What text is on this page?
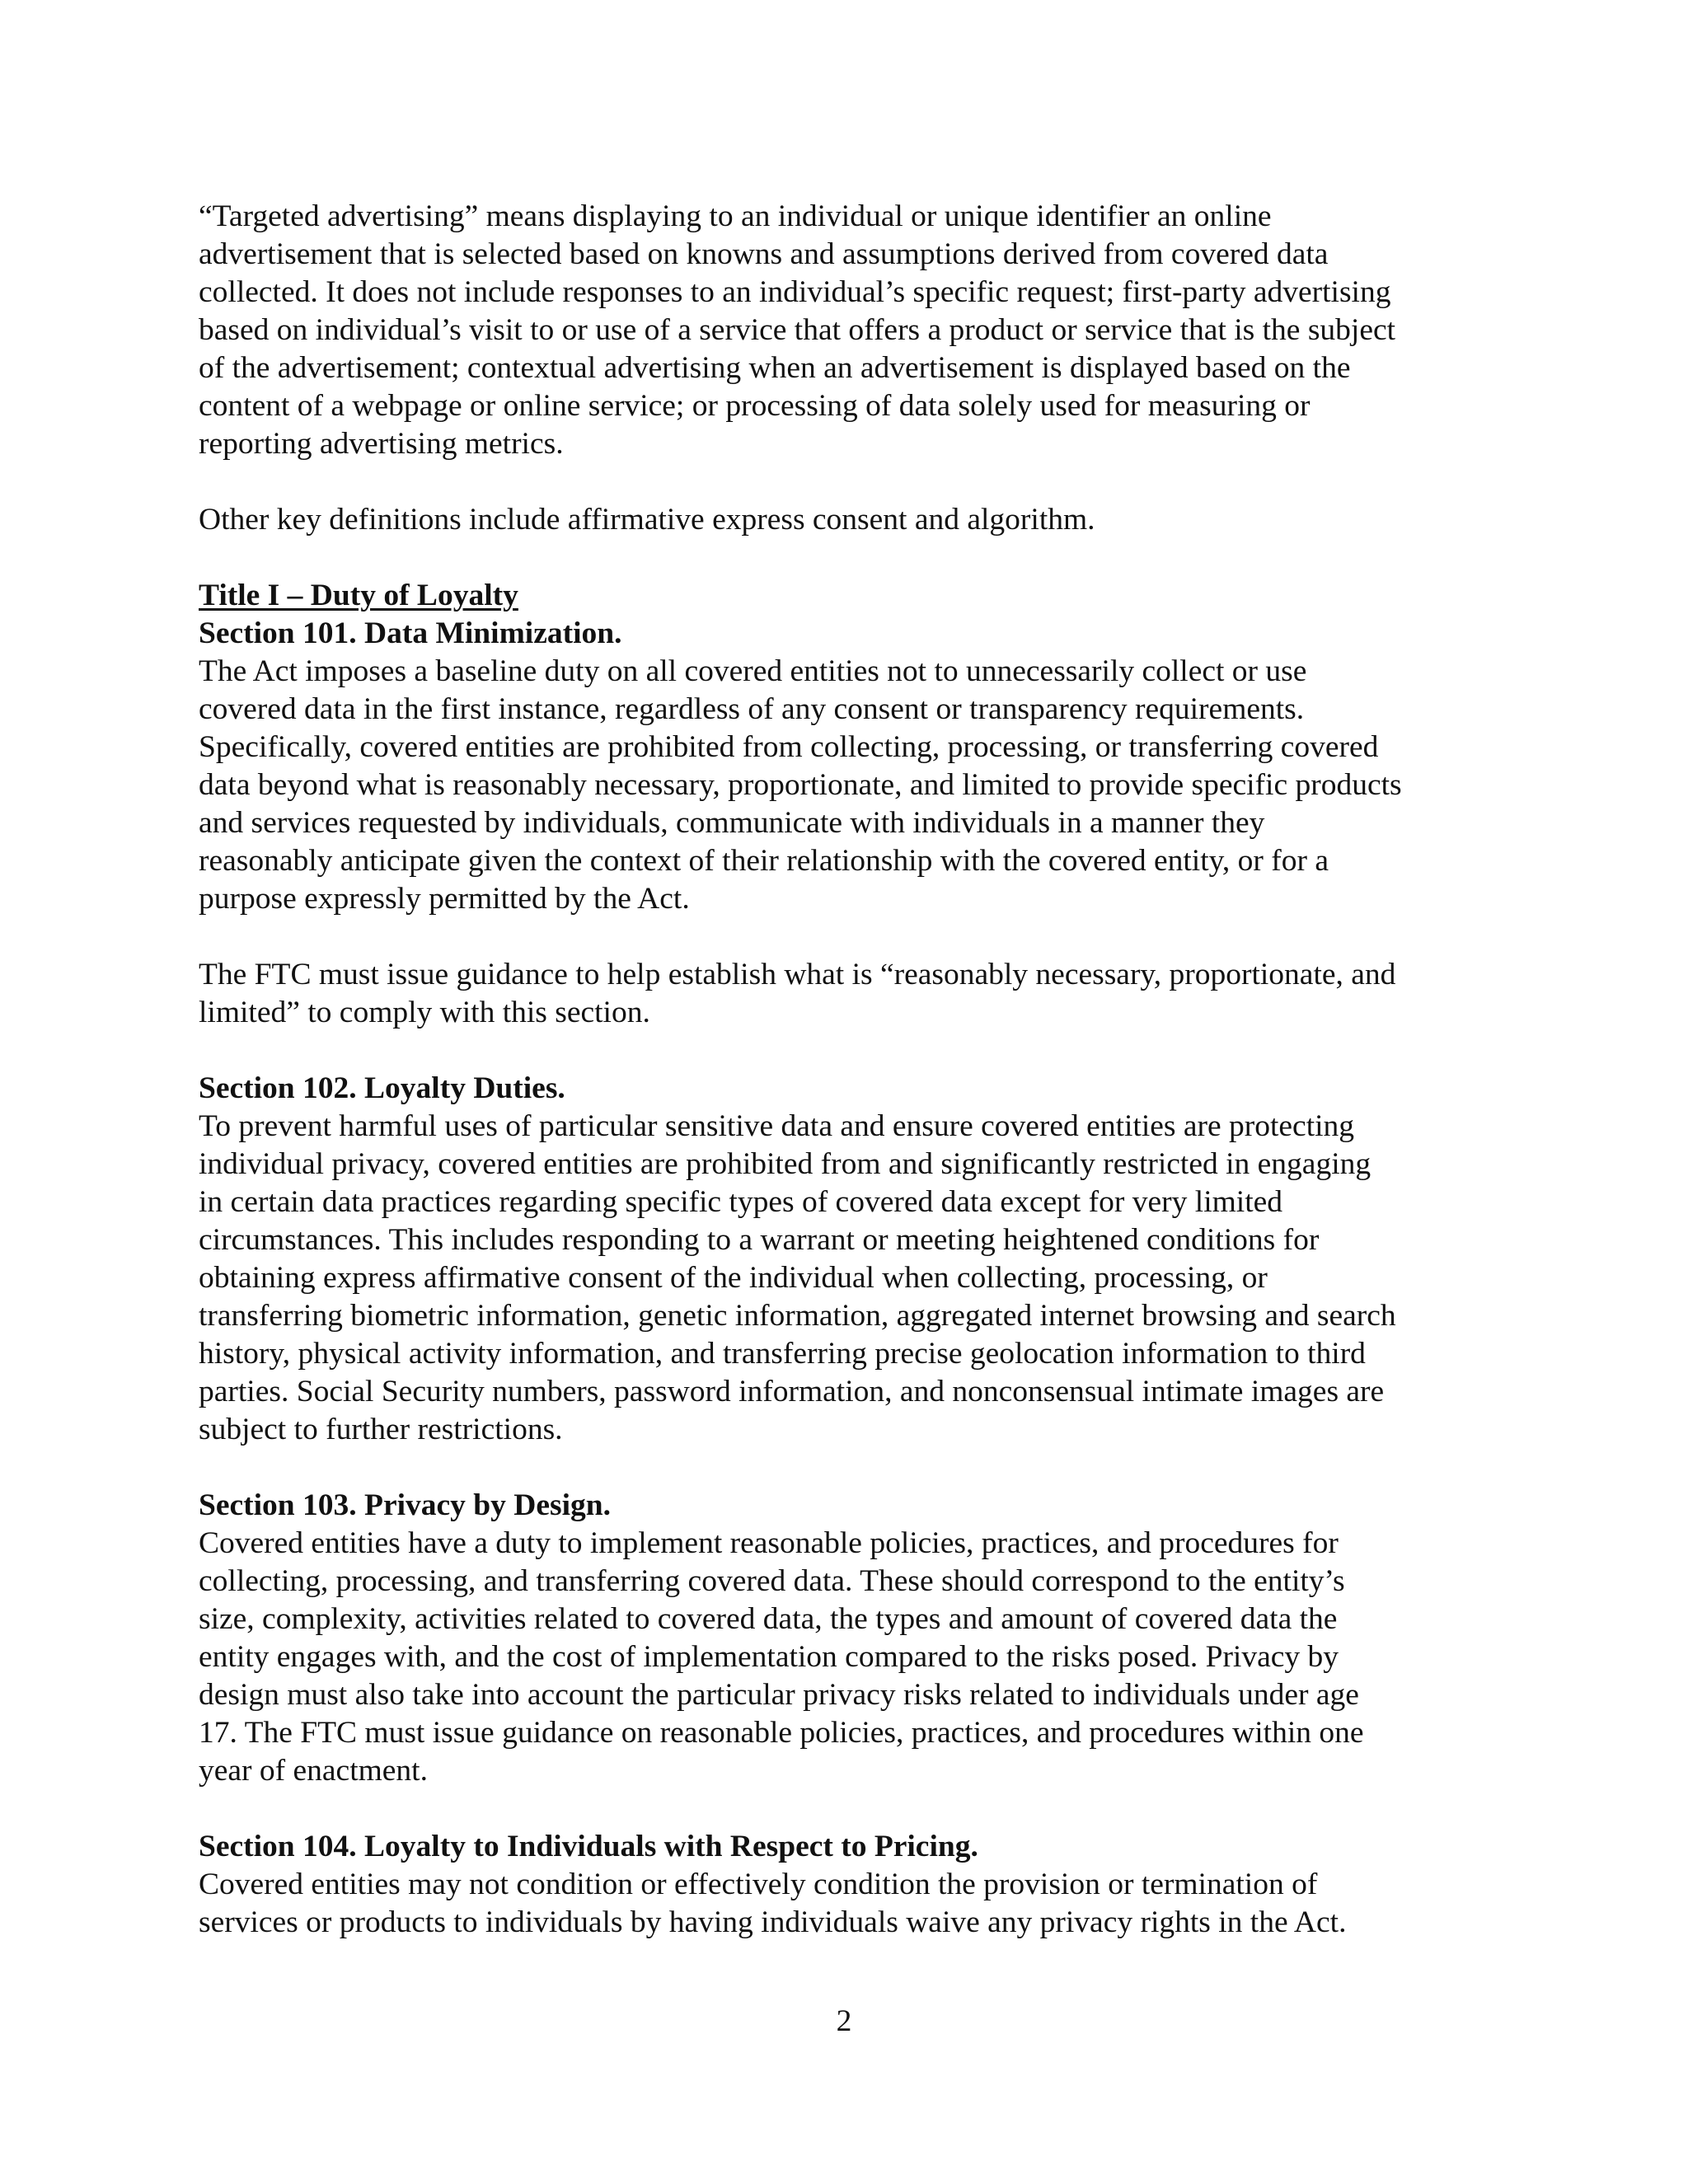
“Targeted advertising” means displaying to an individual or unique identifier an online
advertisement that is selected based on knowns and assumptions derived from covered data
collected. It does not include responses to an individual’s specific request; first-party advertising
based on individual’s visit to or use of a service that offers a product or service that is the subject
of the advertisement; contextual advertising when an advertisement is displayed based on the
content of a webpage or online service; or processing of data solely used for measuring or
reporting advertising metrics.
Other key definitions include affirmative express consent and algorithm.
Title I – Duty of Loyalty
Section 101. Data Minimization.
The Act imposes a baseline duty on all covered entities not to unnecessarily collect or use
covered data in the first instance, regardless of any consent or transparency requirements.
Specifically, covered entities are prohibited from collecting, processing, or transferring covered
data beyond what is reasonably necessary, proportionate, and limited to provide specific products
and services requested by individuals, communicate with individuals in a manner they
reasonably anticipate given the context of their relationship with the covered entity, or for a
purpose expressly permitted by the Act.
The FTC must issue guidance to help establish what is “reasonably necessary, proportionate, and
limited” to comply with this section.
Section 102. Loyalty Duties.
To prevent harmful uses of particular sensitive data and ensure covered entities are protecting
individual privacy, covered entities are prohibited from and significantly restricted in engaging
in certain data practices regarding specific types of covered data except for very limited
circumstances. This includes responding to a warrant or meeting heightened conditions for
obtaining express affirmative consent of the individual when collecting, processing, or
transferring biometric information, genetic information, aggregated internet browsing and search
history, physical activity information, and transferring precise geolocation information to third
parties. Social Security numbers, password information, and nonconsensual intimate images are
subject to further restrictions.
Section 103. Privacy by Design.
Covered entities have a duty to implement reasonable policies, practices, and procedures for
collecting, processing, and transferring covered data. These should correspond to the entity’s
size, complexity, activities related to covered data, the types and amount of covered data the
entity engages with, and the cost of implementation compared to the risks posed. Privacy by
design must also take into account the particular privacy risks related to individuals under age
17. The FTC must issue guidance on reasonable policies, practices, and procedures within one
year of enactment.
Section 104. Loyalty to Individuals with Respect to Pricing.
Covered entities may not condition or effectively condition the provision or termination of
services or products to individuals by having individuals waive any privacy rights in the Act.
2
